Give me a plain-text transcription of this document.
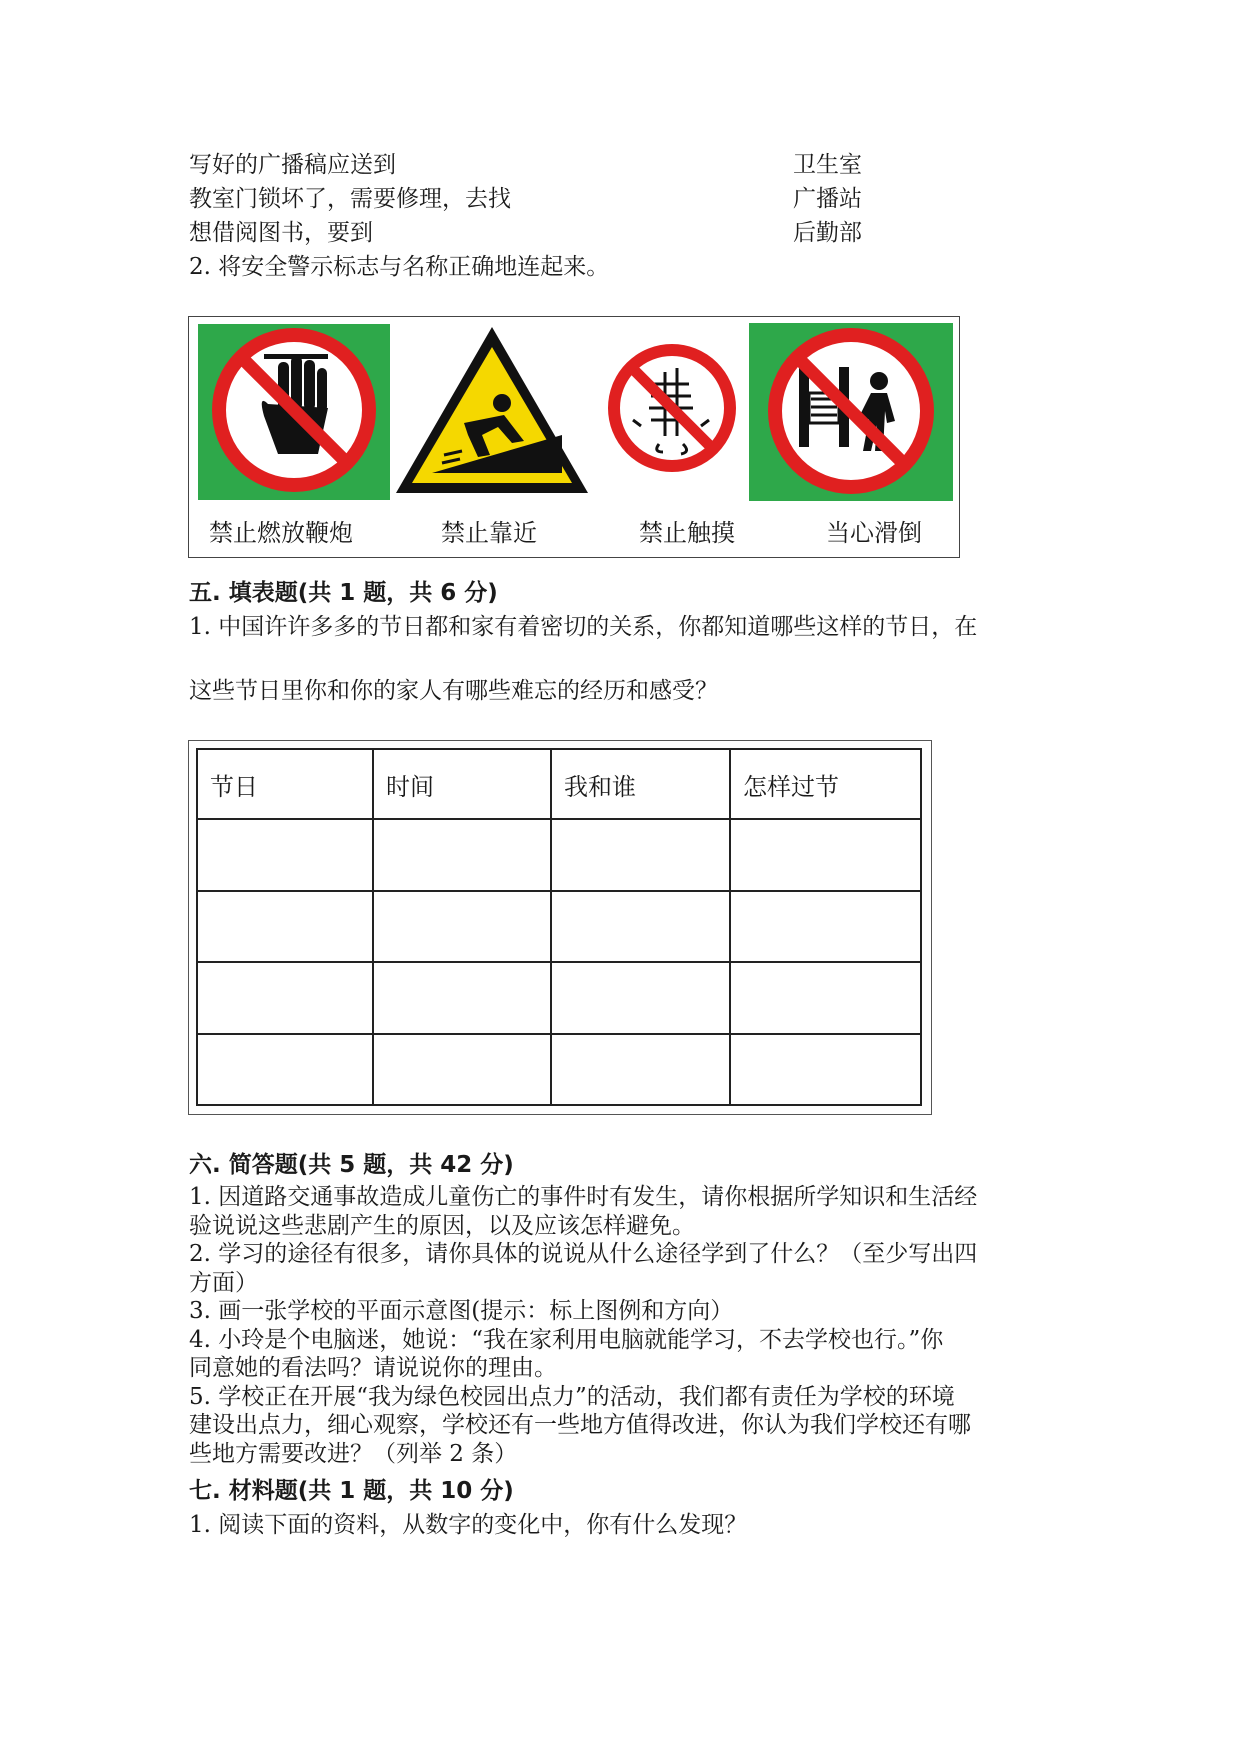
写好的广播稿应送到	卫生室
教室门锁坏了，需要修理，去找	广播站
想借阅图书，要到	后勤部
2. 将安全警示标志与名称正确地连起来。
禁止燃放鞭炮	禁止靠近	禁止触摸	当心滑倒
五. 填表题(共 1 题，共 6 分)
1. 中国许许多多的节日都和家有着密切的关系，你都知道哪些这样的节日，在
这些节日里你和你的家人有哪些难忘的经历和感受？
节日	时间	我和谁	怎样过节

六. 简答题(共 5 题，共 42 分)
1. 因道路交通事故造成儿童伤亡的事件时有发生，请你根据所学知识和生活经
验说说这些悲剧产生的原因，以及应该怎样避免。
2. 学习的途径有很多，请你具体的说说从什么途径学到了什么？（至少写出四
方面）
3. 画一张学校的平面示意图(提示：标上图例和方向）
4. 小玲是个电脑迷，她说：“我在家利用电脑就能学习，不去学校也行。”你
同意她的看法吗？请说说你的理由。
5. 学校正在开展“我为绿色校园出点力”的活动，我们都有责任为学校的环境
建设出点力，细心观察，学校还有一些地方值得改进，你认为我们学校还有哪
些地方需要改进？（列举 2 条）
七. 材料题(共 1 题，共 10 分)
1. 阅读下面的资料，从数字的变化中，你有什么发现？
